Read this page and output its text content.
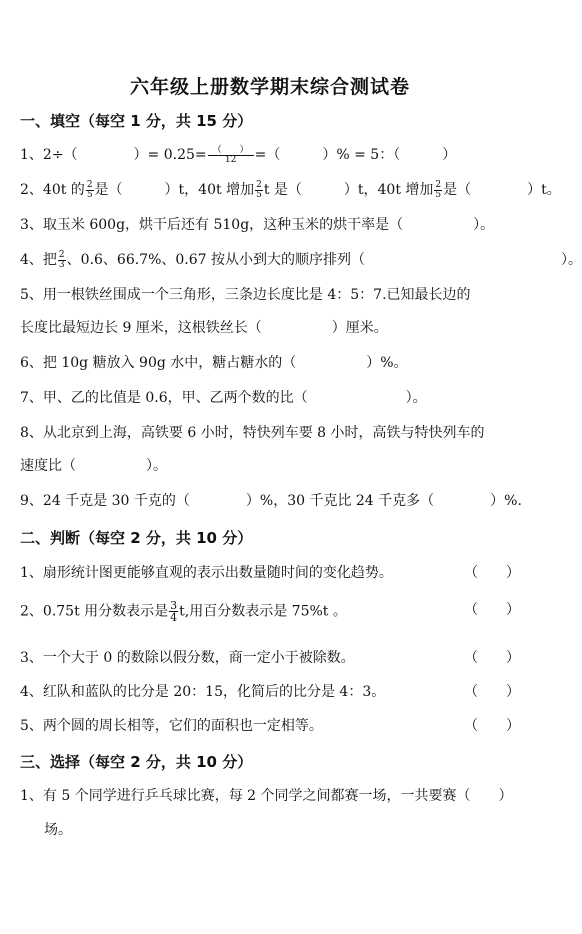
六年级上册数学期末综合测试卷
一、填空（每空 1 分，共 15 分）
1、2÷（　　　　）= $0.25= \frac{( )}{12}$ =（　　　）% = 5：（　　　）
2、40t 的 $\frac{2}{5}$ 是（　　　）t，40t 增加 $\frac{2}{5}$ t 是（　　　）t，40t 增加 $\frac{2}{5}$ 是（　　　　）t。
3、取玉米 600g，烘干后还有 510g，这种玉米的烘干率是（　　　　　）。
4、把 $\frac{2}{3}$ 、0.6、66.7%、0.67 按从小到大的顺序排列（　　　　　　　　　　　　　　）。
5、用一根铁丝围成一个三角形，三条边长度比是 4：5：7.已知最长边的
长度比最短边长 9 厘米，这根铁丝长（　　　　　）厘米。
6、把 10g 糖放入 90g 水中，糖占糖水的（　　　　　）%。
7、甲、乙的比值是 0.6，甲、乙两个数的比（　　　　　　　）。
8、从北京到上海，高铁要 6 小时，特快列车要 8 小时，高铁与特快列车的
速度比（　　　　　）。
9、24 千克是 30 千克的（　　　　）%，30 千克比 24 千克多（　　　　）%.
二、判断（每空 2 分，共 10 分）
1、扇形统计图更能够直观的表示出数量随时间的变化趋势。	（　　）
2、0.75t 用分数表示是 $\frac{3}{4} t$,用百分数表示是 75%t 。	（　　）
3、一个大于 0 的数除以假分数，商一定小于被除数。	（　　）
4、红队和蓝队的比分是 20：15，化简后的比分是 4：3。	（　　）
5、两个圆的周长相等，它们的面积也一定相等。	（　　）
三、选择（每空 2 分，共 10 分）
1、有 5 个同学进行乒乓球比赛，每 2 个同学之间都赛一场，一共要赛（　　）
场。
